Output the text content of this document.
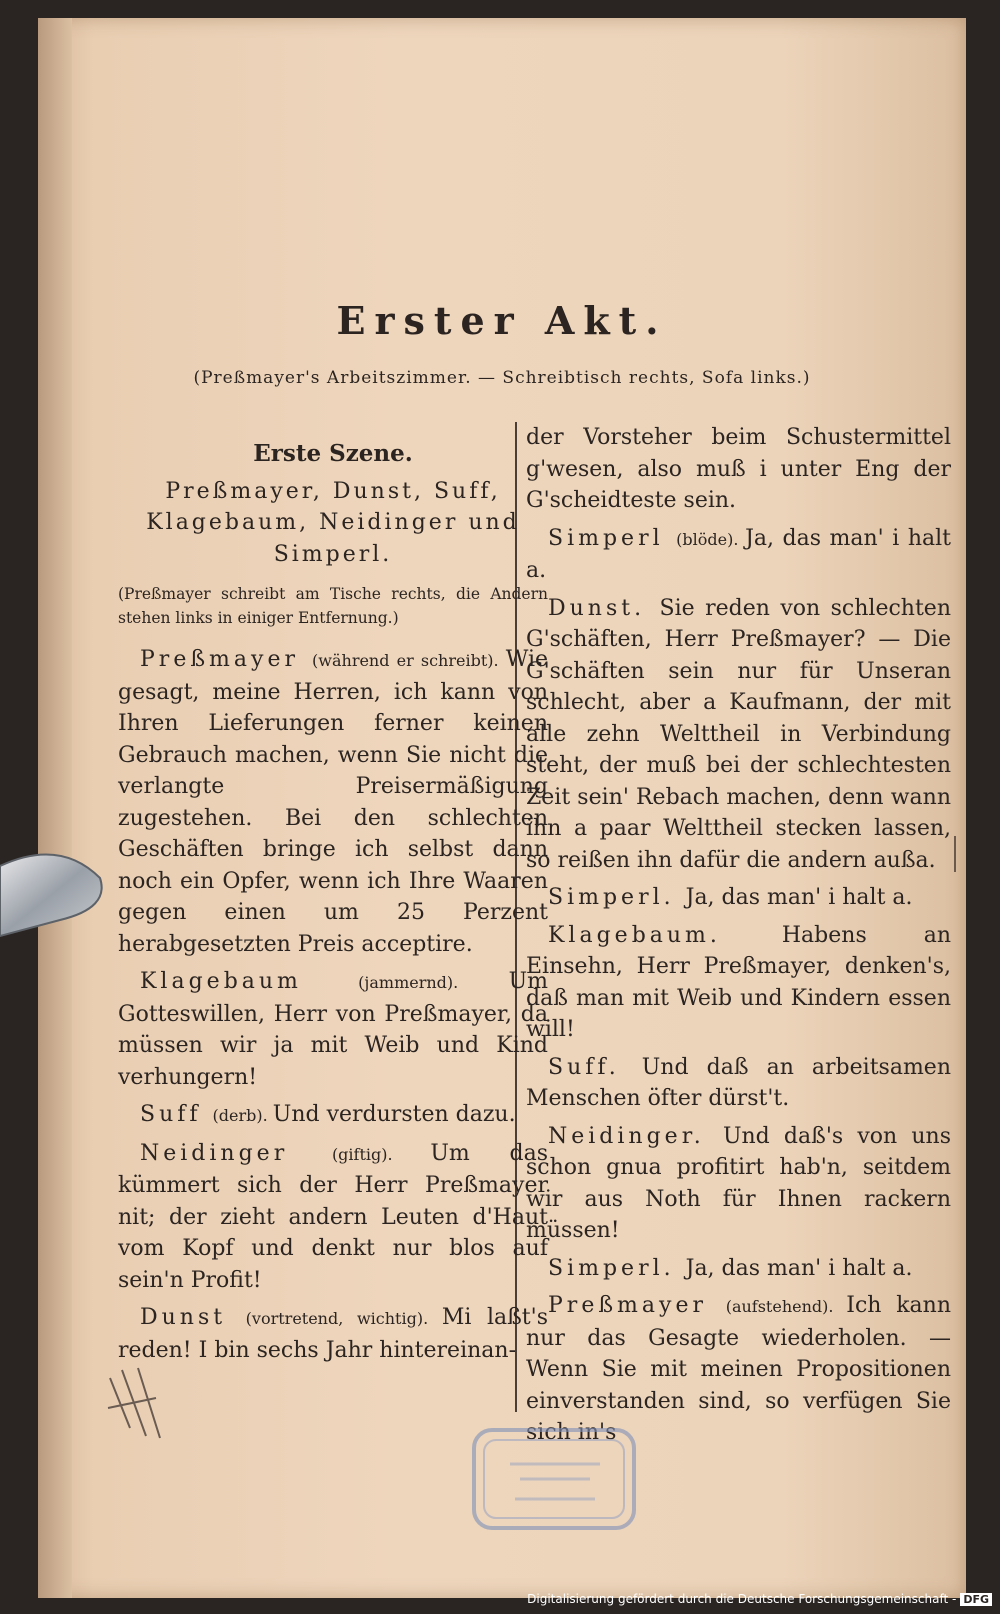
Erster Akt.
(Preßmayer's Arbeitszimmer. — Schreibtisch rechts, Sofa links.)
Erste Szene.
Preßmayer, Dunst, Suff, Klagebaum, Neidinger und Simperl.
(Preßmayer schreibt am Tische rechts, die Andern stehen links in einiger Entfernung.)
Preßmayer (während er schreibt). Wie gesagt, meine Herren, ich kann von Ihren Lieferungen ferner keinen Gebrauch machen, wenn Sie nicht die verlangte Preisermäßigung zugestehen. Bei den schlechten Geschäften bringe ich selbst dann noch ein Opfer, wenn ich Ihre Waaren gegen einen um 25 Perzent herabgesetzten Preis acceptire.
Klagebaum (jammernd). Um Gotteswillen, Herr von Preßmayer, da müssen wir ja mit Weib und Kind verhungern!
Suff (derb). Und verdursten dazu.
Neidinger (giftig). Um das kümmert sich der Herr Preßmayer nit; der zieht andern Leuten d'Haut vom Kopf und denkt nur blos auf sein'n Profit!
Dunst (vortretend, wichtig). Mi laßt's reden! I bin sechs Jahr hintereinan-
der Vorsteher beim Schustermittel g'wesen, also muß i unter Eng der G'scheidteste sein.
Simperl (blöde). Ja, das man' i halt a.
Dunst. Sie reden von schlechten G'schäften, Herr Preßmayer? — Die G'schäften sein nur für Unseran schlecht, aber a Kaufmann, der mit alle zehn Welttheil in Verbindung steht, der muß bei der schlechtesten Zeit sein' Rebach machen, denn wann ihn a paar Welttheil stecken lassen, so reißen ihn dafür die andern außa.
Simperl. Ja, das man' i halt a.
Klagebaum. Habens an Einsehn, Herr Preßmayer, denken's, daß man mit Weib und Kindern essen will!
Suff. Und daß an arbeitsamen Menschen öfter dürst't.
Neidinger. Und daß's von uns schon gnua profitirt hab'n, seitdem wir aus Noth für Ihnen rackern müssen!
Simperl. Ja, das man' i halt a.
Preßmayer (aufstehend). Ich kann nur das Gesagte wiederholen. — Wenn Sie mit meinen Propositionen einverstanden sind, so verfügen Sie sich in's
Digitalisierung gefördert durch die Deutsche Forschungsgemeinschaft - DFG
